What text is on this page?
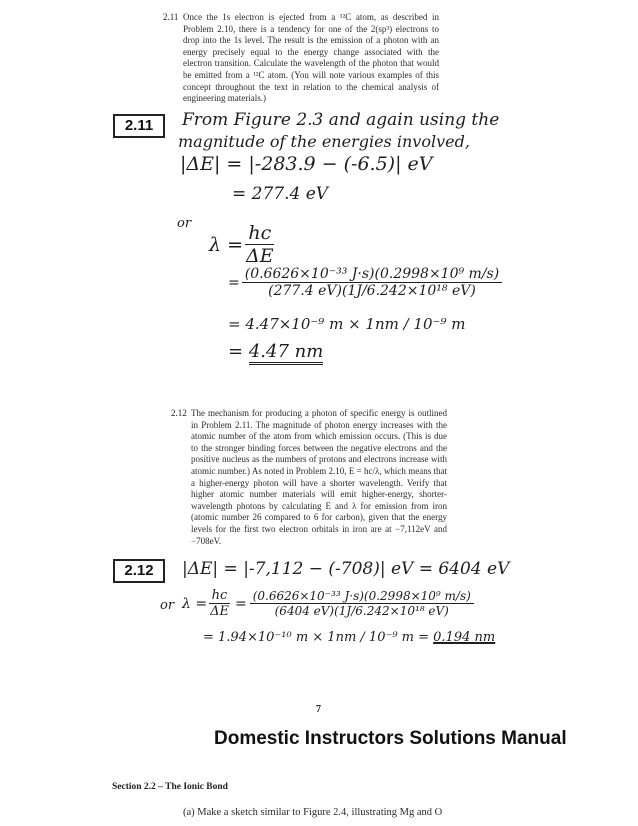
2.11 Once the 1s electron is ejected from a ¹²C atom, as described in Problem 2.10, there is a tendency for one of the 2(sp³) electrons to drop into the 1s level. The result is the emission of a photon with an energy precisely equal to the energy change associated with the electron transition. Calculate the wavelength of the photon that would be emitted from a ¹²C atom. (You will note various examples of this concept throughout the text in relation to the chemical analysis of engineering materials.)

2.11	From Figure 2.3 and again using the

magnitude of the energies involved,

|ΔE| = |-283.9 − (-6.5)| eV

= 277.4 eV

or

$\lambda = \frac{hc}{\Delta E}$
= $\frac{\text{(0.6626×10⁻³³ J·s)(0.2998×10⁹ m/s)}}{\text{(277.4 eV)(1J/6.242×10¹⁸ eV)}}$

= 4.47×10⁻⁹ m × 1nm / 10⁻⁹ m

= 4.47 nm

2.12 The mechanism for producing a photon of specific energy is outlined in Problem 2.11. The magnitude of photon energy increases with the atomic number of the atom from which emission occurs. (This is due to the stronger binding forces between the negative electrons and the positive nucleus as the numbers of protons and electrons increase with atomic number.) As noted in Problem 2.10, E = hc/λ, which means that a higher-energy photon will have a shorter wavelength. Verify that higher atomic number materials will emit higher-energy, shorter-wavelength photons by calculating E and λ for emission from iron (atomic number 26 compared to 6 for carbon), given that the energy levels for the first two electron orbitals in iron are at −7,112eV and −708eV.

2.12	|ΔE| = |-7,112 − (-708)| eV = 6404 eV

or $\lambda = \frac{hc}{\Delta E} = \frac{\text{(0.6626×10⁻³³ J·s)(0.2998×10⁹ m/s)}}{\text{(6404 eV)(1J/6.242×10¹⁸ eV)}}$

= 1.94×10⁻¹⁰ m × 1nm / 10⁻⁹ m = 0.194 nm

7
Domestic Instructors Solutions Manual
Section 2.2 – The Ionic Bond

(a) Make a sketch similar to Figure 2.4, illustrating Mg and O
